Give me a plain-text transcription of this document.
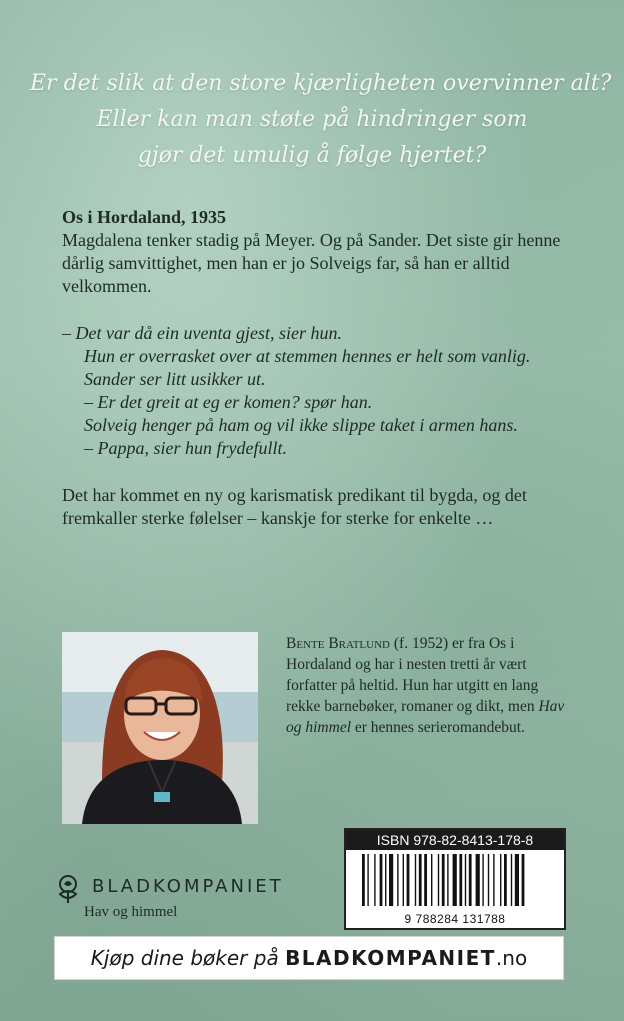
Er det slik at den store kjærligheten overvinner alt?
Eller kan man støte på hindringer som
gjør det umulig å følge hjertet?

Os i Hordaland, 1935

Magdalena tenker stadig på Meyer. Og på Sander. Det siste gir henne dårlig samvittighet, men han er jo Solveigs far, så han er alltid velkommen.

– Det var då ein uventa gjest, sier hun.

Hun er overrasket over at stemmen hennes er helt som vanlig.

Sander ser litt usikker ut.

– Er det greit at eg er komen? spør han.

Solveig henger på ham og vil ikke slippe taket i armen hans.

– Pappa, sier hun frydefullt.

Det har kommet en ny og karismatisk predikant til bygda, og det fremkaller sterke følelser – kanskje for sterke for enkelte …

Bente Bratlund (f. 1952) er fra Os i Hordaland og har i nesten tretti år vært forfatter på heltid. Hun har utgitt en lang rekke barnebøker, romaner og dikt, men Hav og himmel er hennes serieromandebut.
BLADKOMPANIET
Hav og himmel
ISBN 978-82-8413-178-8
9 788284 131788
Kjøp dine bøker på BLADKOMPANIET.no
